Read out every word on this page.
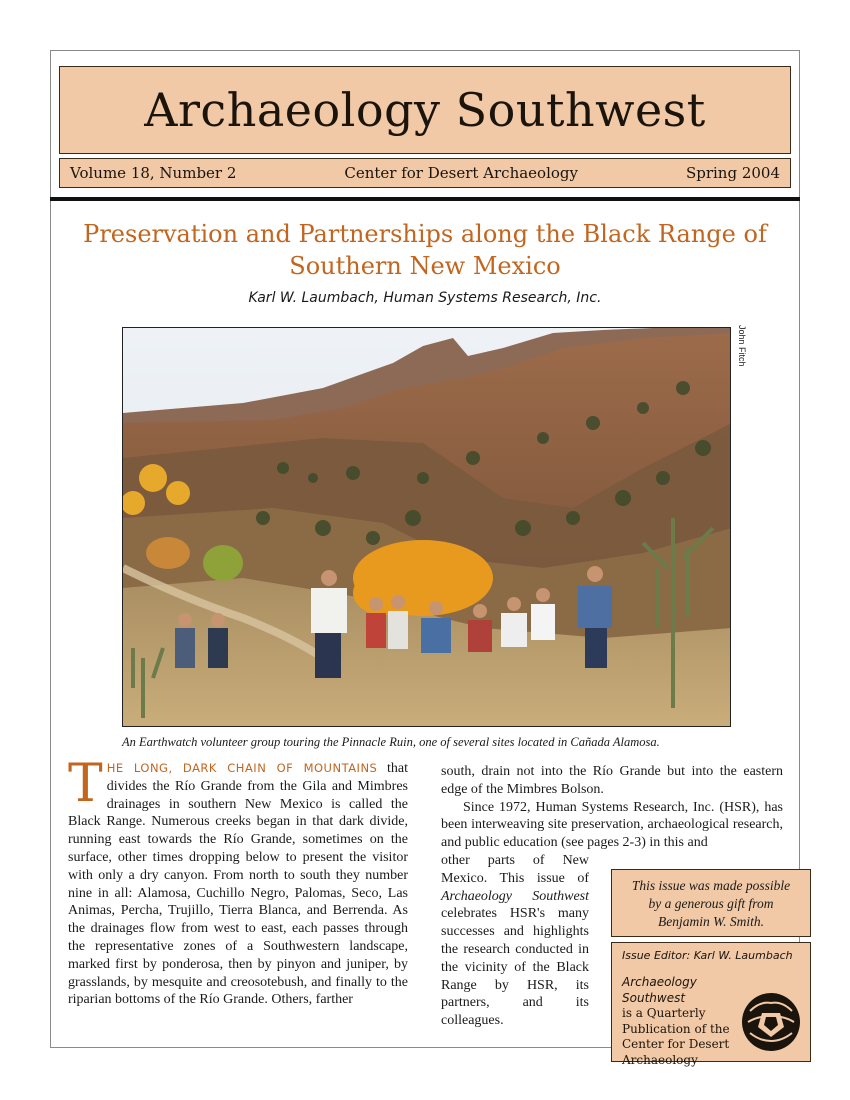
Archaeology Southwest
Volume 18, Number 2	Center for Desert Archaeology	Spring 2004
Preservation and Partnerships along the Black Range of Southern New Mexico
Karl W. Laumbach, Human Systems Research, Inc.
John Fitch
An Earthwatch volunteer group touring the Pinnacle Ruin, one of several sites located in Cañada Alamosa.

THE LONG, DARK CHAIN OF MOUNTAINS that divides the Río Grande from the Gila and Mimbres drainages in southern New Mexico is called the Black Range. Numerous creeks began in that dark divide, running east towards the Río Grande, sometimes on the surface, other times dropping below to present the visitor with only a dry canyon. From north to south they number nine in all: Alamosa, Cuchillo Negro, Palomas, Seco, Las Animas, Percha, Trujillo, Tierra Blanca, and Berrenda. As the drainages flow from west to east, each passes through the representative zones of a Southwestern landscape, marked first by ponderosa, then by pinyon and juniper, by grasslands, by mesquite and creosotebush, and finally to the riparian bottoms of the Río Grande. Others, farther

south, drain not into the Río Grande but into the eastern edge of the Mimbres Bolson.

Since 1972, Human Systems Research, Inc. (HSR), has been interweaving site preservation, archaeological research, and public education (see pages 2-3) in this and

other parts of New Mexico. This issue of Archaeology Southwest celebrates HSR's many successes and highlights the research conducted in the vicinity of the Black Range by HSR, its partners, and its colleagues.

This issue was made possible
by a generous gift from
Benjamin W. Smith.
Issue Editor: Karl W. Laumbach
Archaeology Southwest
is a Quarterly
Publication of the
Center for Desert
Archaeology
